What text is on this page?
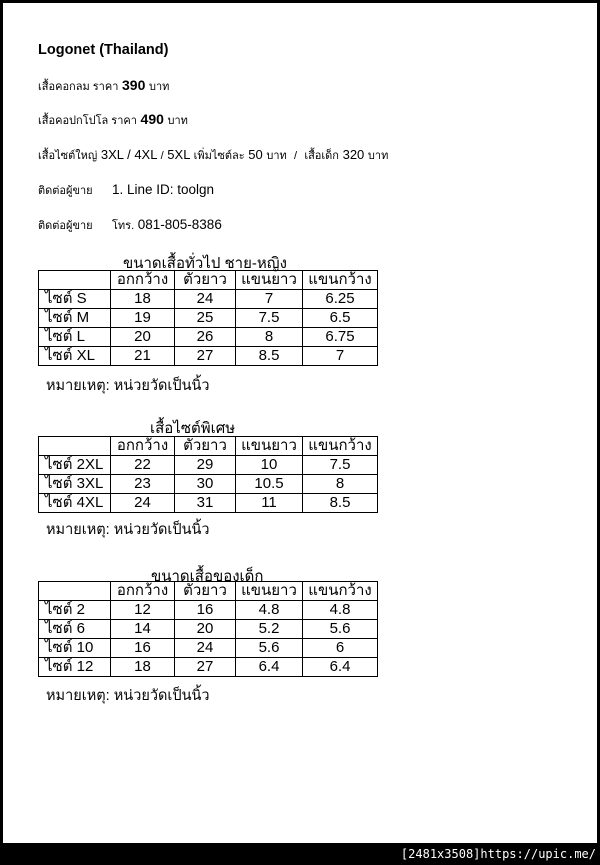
Logonet (Thailand)
เสื้อคอกลม ราคา 390 บาท
เสื้อคอปกโปโล ราคา 490 บาท
เสื้อไซต์ใหญ่ 3XL / 4XL / 5XL เพิ่มไซต์ละ 50 บาท / เสื้อเด็ก 320 บาท
ติดต่อผู้ขาย 1. Line ID: toolgn
ติดต่อผู้ขาย โทร. 081-805-8386
ขนาดเสื้อทั่วไป ชาย-หญิง
	อกกว้าง	ตัวยาว	แขนยาว	แขนกว้าง
ไซต์ S	18	24	7	6.25
ไซต์ M	19	25	7.5	6.5
ไซต์ L	20	26	8	6.75
ไซต์ XL	21	27	8.5	7
หมายเหตุ: หน่วยวัดเป็นนิ้ว
เสื้อไซต์พิเศษ
	อกกว้าง	ตัวยาว	แขนยาว	แขนกว้าง
ไซต์ 2XL	22	29	10	7.5
ไซต์ 3XL	23	30	10.5	8
ไซต์ 4XL	24	31	11	8.5
หมายเหตุ: หน่วยวัดเป็นนิ้ว
ขนาดเสื้อของเด็ก
	อกกว้าง	ตัวยาว	แขนยาว	แขนกว้าง
ไซต์ 2	12	16	4.8	4.8
ไซต์ 6	14	20	5.2	5.6
ไซต์ 10	16	24	5.6	6
ไซต์ 12	18	27	6.4	6.4
หมายเหตุ: หน่วยวัดเป็นนิ้ว
[2481x3508]https://upic.me/
